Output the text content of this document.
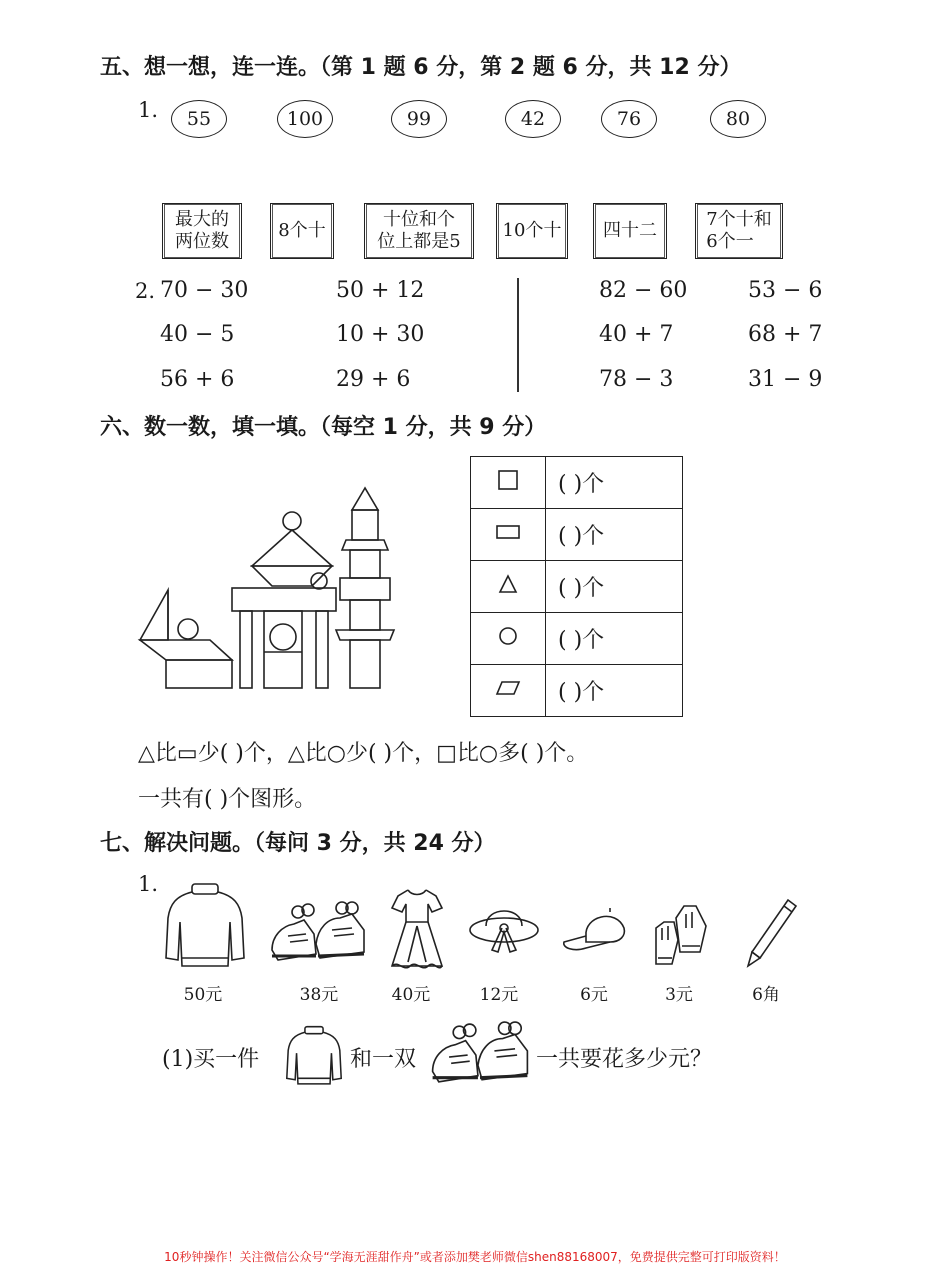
五、想一想，连一连。（第 1 题 6 分，第 2 题 6 分，共 12 分）
1.	55	100	99	42	76	80
最大的
两位数
8个十
十位和个
位上都是5
10个十 四十二
7个十和
6个一
2. 70 − 30	50 + 12
40 − 5	10 + 30
56 + 6	29 + 6
82 − 60	53 − 6
40 + 7	68 + 7
78 − 3	31 − 9
六、数一数，填一填。（每空 1 分，共 9 分）
	( )个
	( )个
	( )个
	( )个
	( )个
△比▭少( )个，△比○少( )个，□比○多( )个。
一共有( )个图形。
七、解决问题。（每问 3 分，共 24 分）
1.
50元	38元	40元	12元	6元	3元	6角
(1)买一件	和一双	一共要花多少元？
10秒钟操作！关注微信公众号“学海无涯甜作舟”或者添加樊老师微信shen88168007，免费提供完整可打印版资料！
